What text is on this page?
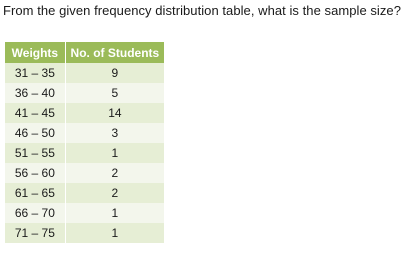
From the given frequency distribution table, what is the sample size?
Weights	No. of Students
31 – 35	9
36 – 40	5
41 – 45	14
46 – 50	3
51 – 55	1
56 – 60	2
61 – 65	2
66 – 70	1
71 – 75	1
